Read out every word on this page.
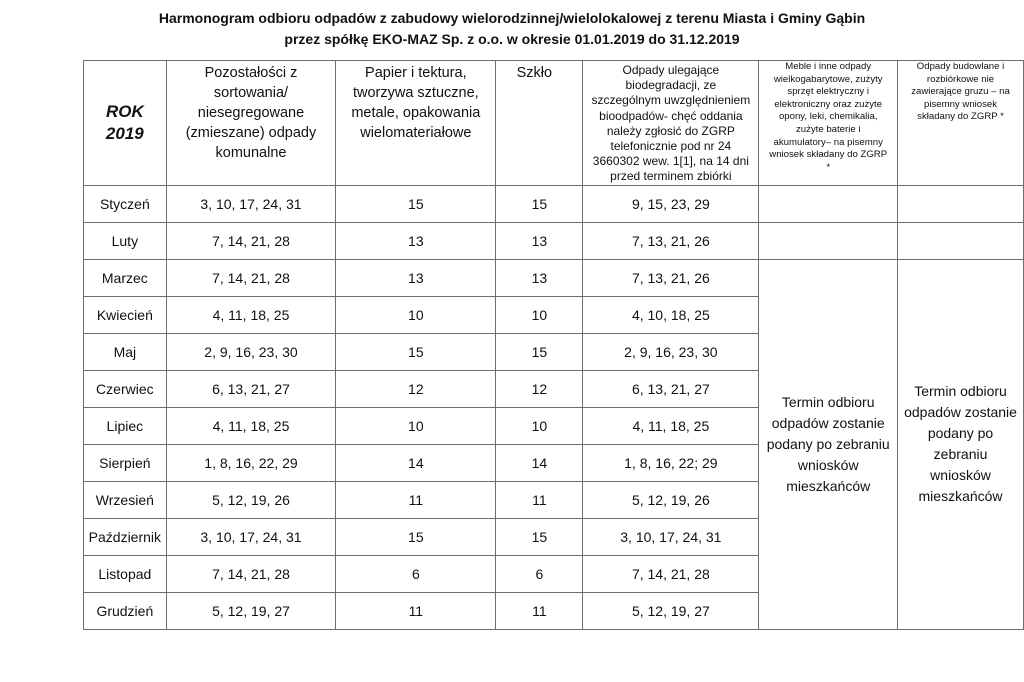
Harmonogram odbioru odpadów z zabudowy wielorodzinnej/wielolokalowej z terenu Miasta i Gminy Gąbin
przez spółkę EKO-MAZ Sp. z o.o. w okresie 01.01.2019 do 31.12.2019
ROK
2019	Pozostałości z sortowania/ niesegregowane (zmieszane) odpady komunalne	Papier i tektura, tworzywa sztuczne, metale, opakowania wielomateriałowe	Szkło	Odpady ulegające biodegradacji, ze szczególnym uwzględnieniem bioodpadów- chęć oddania należy zgłosić do ZGRP telefonicznie pod nr 24 3660302 wew. 1[1], na 14 dni przed terminem zbiórki	Meble i inne odpady wielkogabarytowe, zużyty sprzęt elektryczny i elektroniczny oraz zużyte opony, leki, chemikalia, zużyte baterie i akumulatory– na pisemny wniosek składany do ZGRP *	Odpady budowlane i rozbiórkowe nie zawierające gruzu – na pisemny wniosek składany do ZGRP *

Styczeń	3, 10, 17, 24, 31	15	15	9, 15, 23, 29		
Luty	7, 14, 21, 28	13	13	7, 13, 21, 26		
Marzec	7, 14, 21, 28	13	13	7, 13, 21, 26	Termin odbioru odpadów zostanie podany po zebraniu wniosków mieszkańców	Termin odbioru odpadów zostanie podany po zebraniu wniosków mieszkańców
Kwiecień	4, 11, 18, 25	10	10	4, 10, 18, 25		
Maj	2, 9, 16, 23, 30	15	15	2, 9, 16, 23, 30		
Czerwiec	6, 13, 21, 27	12	12	6, 13, 21, 27		
Lipiec	4, 11, 18, 25	10	10	4, 11, 18, 25		
Sierpień	1, 8, 16, 22, 29	14	14	1, 8, 16, 22; 29		
Wrzesień	5, 12, 19, 26	11	11	5, 12, 19, 26		
Październik	3, 10, 17, 24, 31	15	15	3, 10, 17, 24, 31		
Listopad	7, 14, 21, 28	6	6	7, 14, 21, 28		
Grudzień	5, 12, 19, 27	11	11	5, 12, 19, 27		
